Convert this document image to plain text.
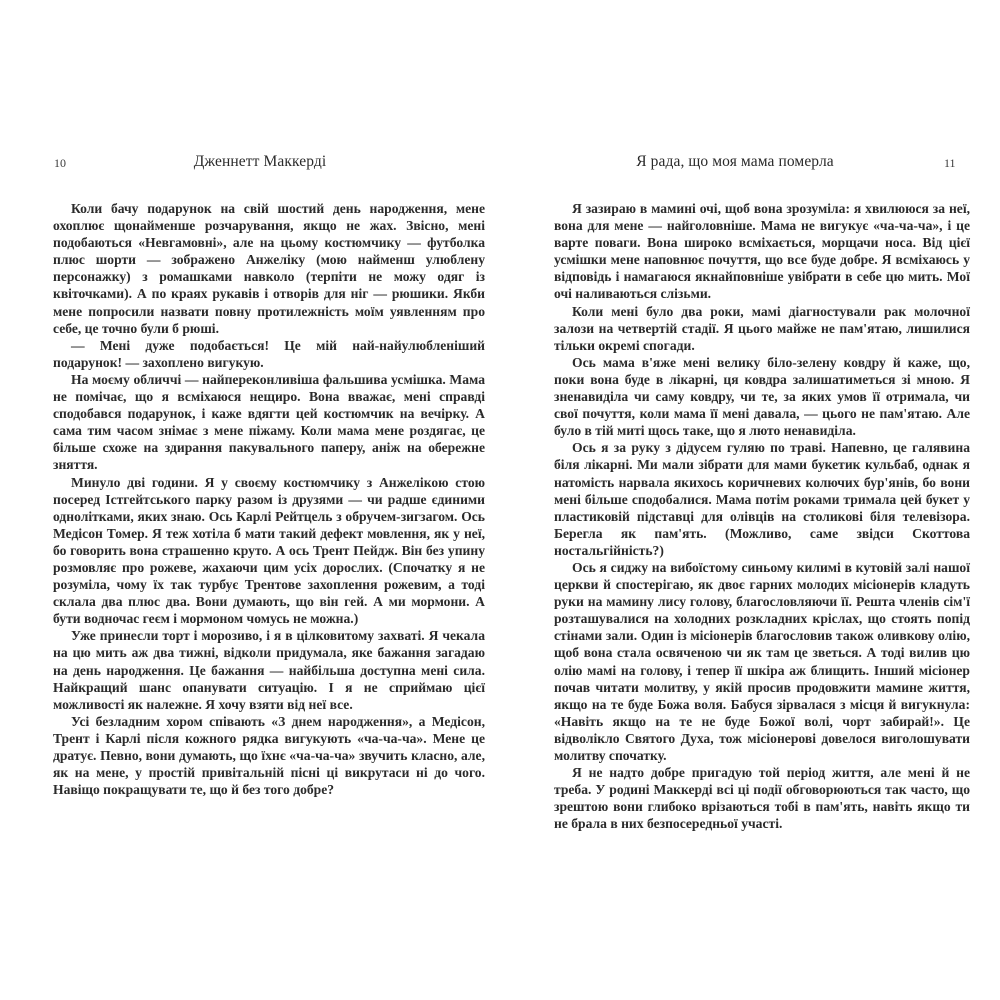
10	Дженнетт Маккерді

Коли бачу подарунок на свій шостий день народження, мене охоплює щонайменше розчарування, якщо не жах. Звісно, мені подобаються «Невгамовні», але на цьому костюмчику — футболка плюс шорти — зображено Анжеліку (мою найменш улюблену персонажку) з ромашками навколо (терпіти не можу одяг із квіточками). А по краях рукавів і отворів для ніг — рюшики. Якби мене попросили назвати повну протилежність моїм уявленням про себе, це точно були б рюші.

— Мені дуже подобається! Це мій най-найулюбленіший подарунок! — захоплено вигукую.

На моєму обличчі — найпереконливіша фальшива усмішка. Мама не помічає, що я всміхаюся нещиро. Вона вважає, мені справді сподобався подарунок, і каже вдягти цей костюмчик на вечірку. А сама тим часом знімає з мене піжаму. Коли мама мене роздягає, це більше схоже на здирання пакувального паперу, аніж на обережне зняття.

Минуло дві години. Я у своєму костюмчику з Анжелікою стою посеред Істгейтського парку разом із друзями — чи радше єдиними однолітками, яких знаю. Ось Карлі Рейтцель з обручем-зигзагом. Ось Медісон Томер. Я теж хотіла б мати такий дефект мовлення, як у неї, бо говорить вона страшенно круто. А ось Трент Пейдж. Він без упину розмовляє про рожеве, жахаючи цим усіх дорослих. (Спочатку я не розуміла, чому їх так турбує Трентове захоплення рожевим, а тоді склала два плюс два. Вони думають, що він гей. А ми мормони. А бути водночас геєм і мормоном чомусь не можна.)

Уже принесли торт і морозиво, і я в цілковитому захваті. Я чекала на цю мить аж два тижні, відколи придумала, яке бажання загадаю на день народження. Це бажання — найбільша доступна мені сила. Найкращий шанс опанувати ситуацію. І я не сприймаю цієї можливості як належне. Я хочу взяти від неї все.

Усі безладним хором співають «З днем народження», а Медісон, Трент і Карлі після кожного рядка вигукують «ча-ча-ча». Мене це дратує. Певно, вони думають, що їхнє «ча-ча-ча» звучить класно, але, як на мене, у простій привітальній пісні ці викрутаси ні до чого. Навіщо покращувати те, що й без того добре?

Я рада, що моя мама померла	11

Я зазираю в мамині очі, щоб вона зрозуміла: я хвилююся за неї, вона для мене — найголовніше. Мама не вигукує «ча-ча-ча», і це варте поваги. Вона широко всміхається, морщачи носа. Від цієї усмішки мене наповнює почуття, що все буде добре. Я всміхаюсь у відповідь і намагаюся якнайповніше увібрати в себе цю мить. Мої очі наливаються слізьми.

Коли мені було два роки, мамі діагностували рак молочної залози на четвертій стадії. Я цього майже не пам'ятаю, лишилися тільки окремі спогади.

Ось мама в'яже мені велику біло-зелену ковдру й каже, що, поки вона буде в лікарні, ця ковдра залишатиметься зі мною. Я зненавиділа чи саму ковдру, чи те, за яких умов її отримала, чи свої почуття, коли мама її мені давала, — цього не пам'ятаю. Але було в тій миті щось таке, що я люто ненавиділа.

Ось я за руку з дідусем гуляю по траві. Напевно, це галявина біля лікарні. Ми мали зібрати для мами букетик кульбаб, однак я натомість нарвала якихось коричневих колючих бур'янів, бо вони мені більше сподобалися. Мама потім роками тримала цей букет у пластиковій підставці для олівців на столикові біля телевізора. Берегла як пам'ять. (Можливо, саме звідси Скоттова ностальгійність?)

Ось я сиджу на вибоїстому синьому килимі в кутовій залі нашої церкви й спостерігаю, як двоє гарних молодих місіонерів кладуть руки на мамину лису голову, благословляючи її. Решта членів сім'ї розташувалися на холодних розкладних кріслах, що стоять попід стінами зали. Один із місіонерів благословив також оливкову олію, щоб вона стала освяченою чи як там це зветься. А тоді вилив цю олію мамі на голову, і тепер її шкіра аж блищить. Інший місіонер почав читати молитву, у якій просив продовжити мамине життя, якщо на те буде Божа воля. Бабуся зірвалася з місця й вигукнула: «Навіть якщо на те не буде Божої волі, чорт забирай!». Це відволікло Святого Духа, тож місіонерові довелося виголошувати молитву спочатку.

Я не надто добре пригадую той період життя, але мені й не треба. У родині Маккерді всі ці події обговорюються так часто, що зрештою вони глибоко врізаються тобі в пам'ять, навіть якщо ти не брала в них безпосередньої участі.
